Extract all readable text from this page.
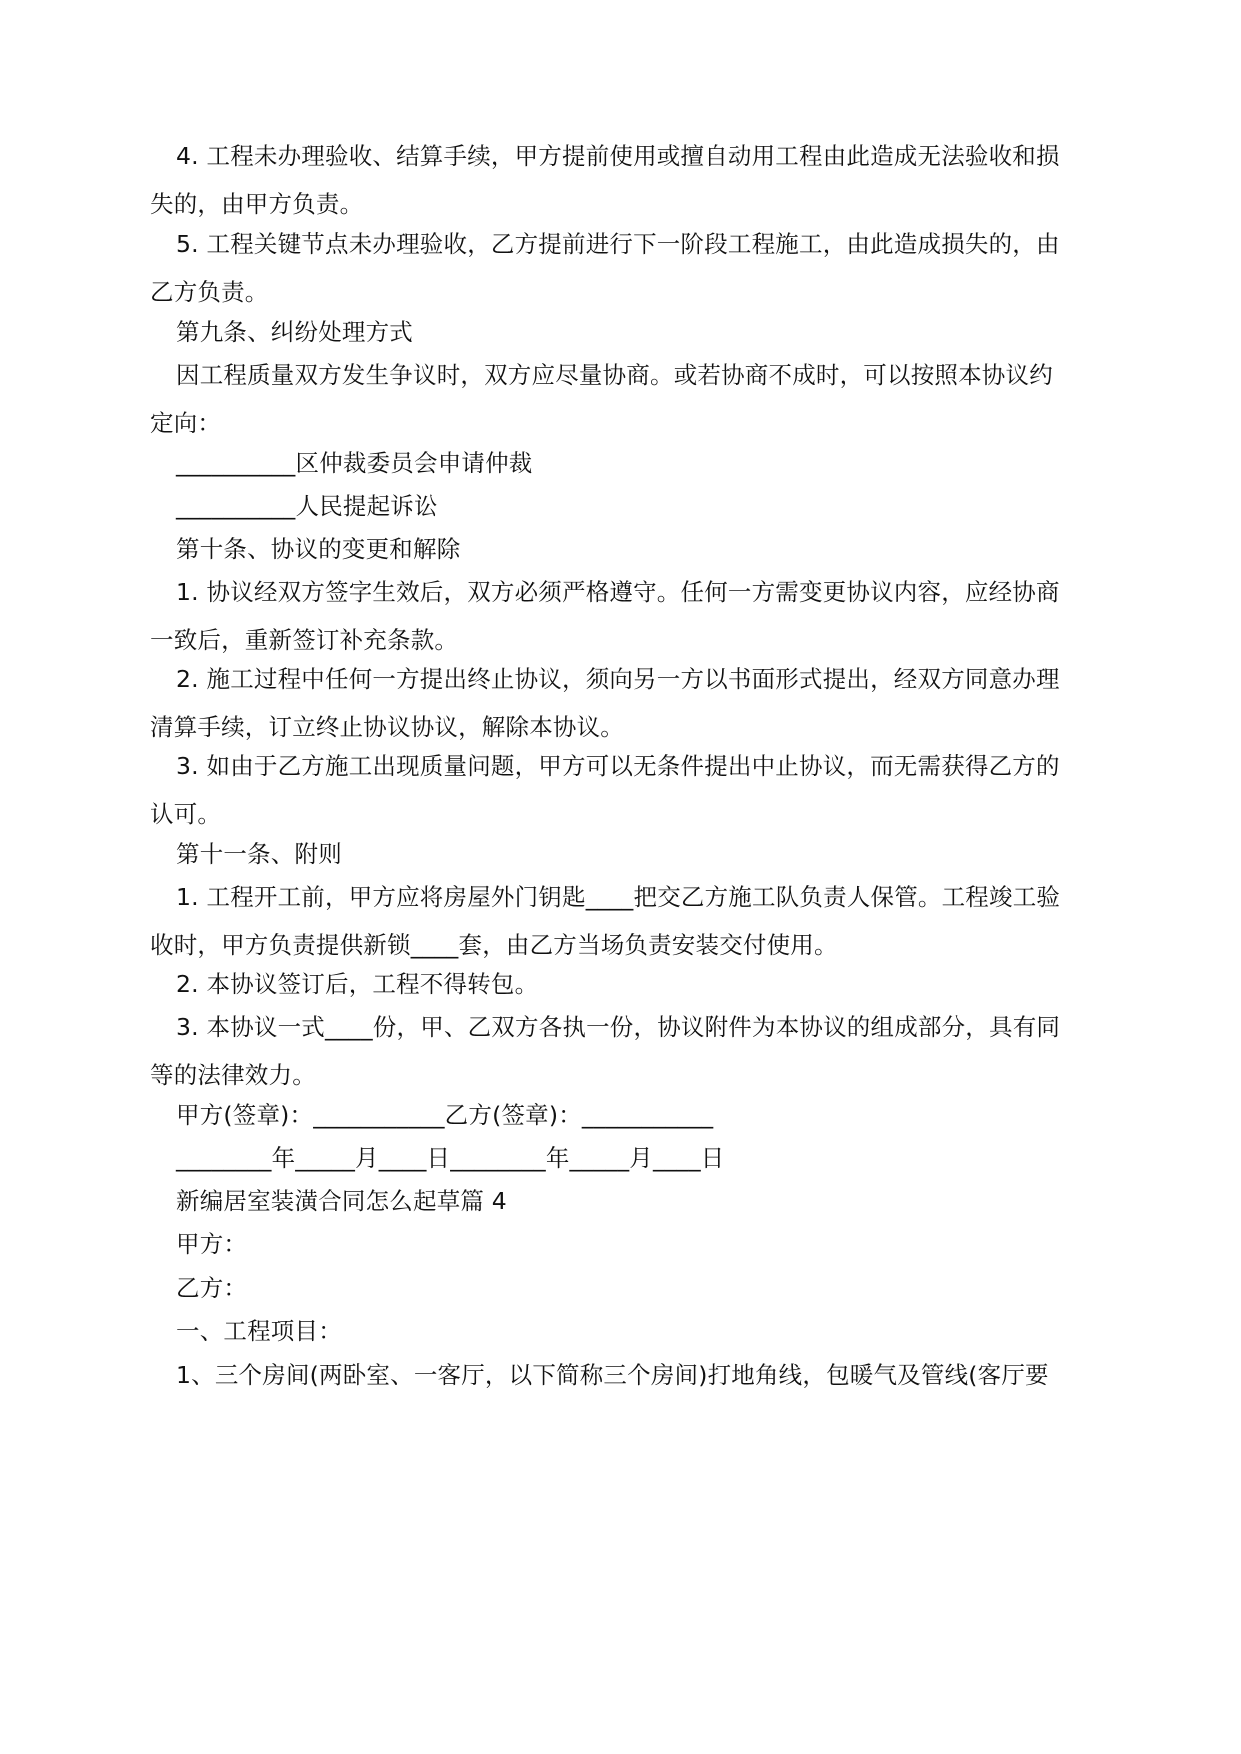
4. 工程未办理验收、结算手续，甲方提前使用或擅自动用工程由此造成无法验收和损
失的，由甲方负责。

5. 工程关键节点未办理验收，乙方提前进行下一阶段工程施工，由此造成损失的，由
乙方负责。

第九条、纠纷处理方式

因工程质量双方发生争议时，双方应尽量协商。或若协商不成时，可以按照本协议约
定向：

__________区仲裁委员会申请仲裁

__________人民提起诉讼

第十条、协议的变更和解除

1. 协议经双方签字生效后，双方必须严格遵守。任何一方需变更协议内容，应经协商
一致后，重新签订补充条款。

2. 施工过程中任何一方提出终止协议，须向另一方以书面形式提出，经双方同意办理
清算手续，订立终止协议协议，解除本协议。

3. 如由于乙方施工出现质量问题，甲方可以无条件提出中止协议，而无需获得乙方的
认可。

第十一条、附则

1. 工程开工前，甲方应将房屋外门钥匙____把交乙方施工队负责人保管。工程竣工验
收时，甲方负责提供新锁____套，由乙方当场负责安装交付使用。

2. 本协议签订后，工程不得转包。

3. 本协议一式____份，甲、乙双方各执一份，协议附件为本协议的组成部分，具有同
等的法律效力。

甲方(签章)：___________乙方(签章)：___________

________年_____月____日________年_____月____日

新编居室装潢合同怎么起草篇 4

甲方：

乙方：

一、工程项目：

1、三个房间(两卧室、一客厅，以下简称三个房间)打地角线，包暖气及管线(客厅要
